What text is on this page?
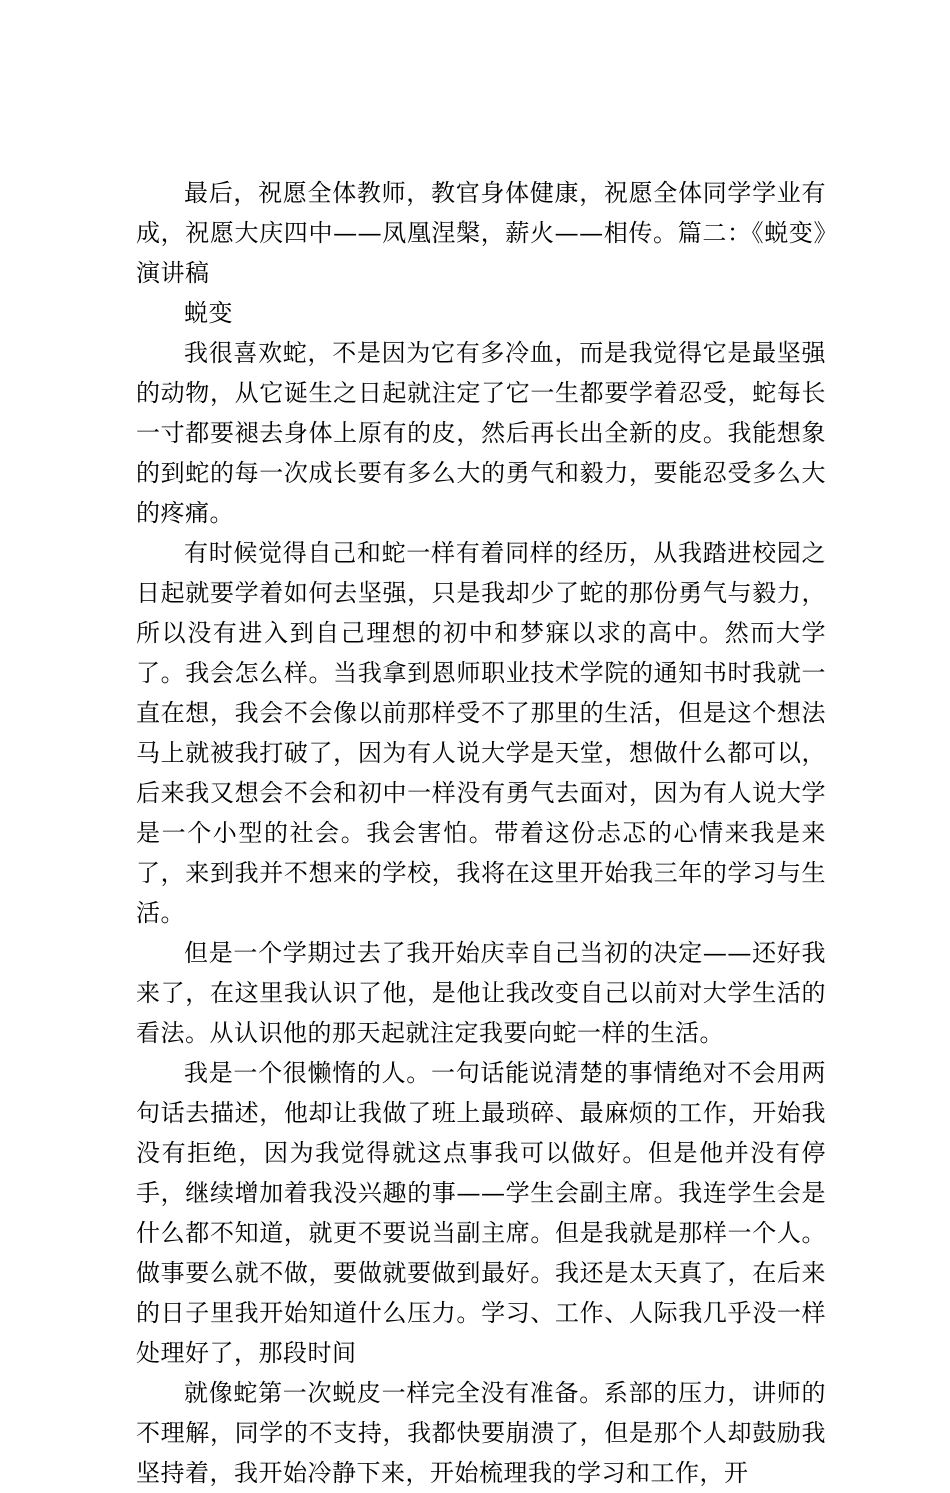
最后，祝愿全体教师，教官身体健康，祝愿全体同学学业有成，祝愿大庆四中——凤凰涅槃，薪火——相传。篇二：《蜕变》演讲稿

蜕变

我很喜欢蛇，不是因为它有多冷血，而是我觉得它是最坚强的动物，从它诞生之日起就注定了它一生都要学着忍受，蛇每长一寸都要褪去身体上原有的皮，然后再长出全新的皮。我能想象的到蛇的每一次成长要有多么大的勇气和毅力，要能忍受多么大的疼痛。

有时候觉得自己和蛇一样有着同样的经历，从我踏进校园之日起就要学着如何去坚强，只是我却少了蛇的那份勇气与毅力，所以没有进入到自己理想的初中和梦寐以求的高中。然而大学了。我会怎么样。当我拿到恩师职业技术学院的通知书时我就一直在想，我会不会像以前那样受不了那里的生活，但是这个想法马上就被我打破了，因为有人说大学是天堂，想做什么都可以，后来我又想会不会和初中一样没有勇气去面对，因为有人说大学是一个小型的社会。我会害怕。带着这份忐忑的心情来我是来了，来到我并不想来的学校，我将在这里开始我三年的学习与生活。

但是一个学期过去了我开始庆幸自己当初的决定——还好我来了，在这里我认识了他，是他让我改变自己以前对大学生活的看法。从认识他的那天起就注定我要向蛇一样的生活。

我是一个很懒惰的人。一句话能说清楚的事情绝对不会用两句话去描述，他却让我做了班上最琐碎、最麻烦的工作，开始我没有拒绝，因为我觉得就这点事我可以做好。但是他并没有停手，继续增加着我没兴趣的事——学生会副主席。我连学生会是什么都不知道，就更不要说当副主席。但是我就是那样一个人。做事要么就不做，要做就要做到最好。我还是太天真了，在后来的日子里我开始知道什么压力。学习、工作、人际我几乎没一样处理好了，那段时间

就像蛇第一次蜕皮一样完全没有准备。系部的压力，讲师的不理解，同学的不支持，我都快要崩溃了，但是那个人却鼓励我坚持着，我开始冷静下来，开始梳理我的学习和工作，开
